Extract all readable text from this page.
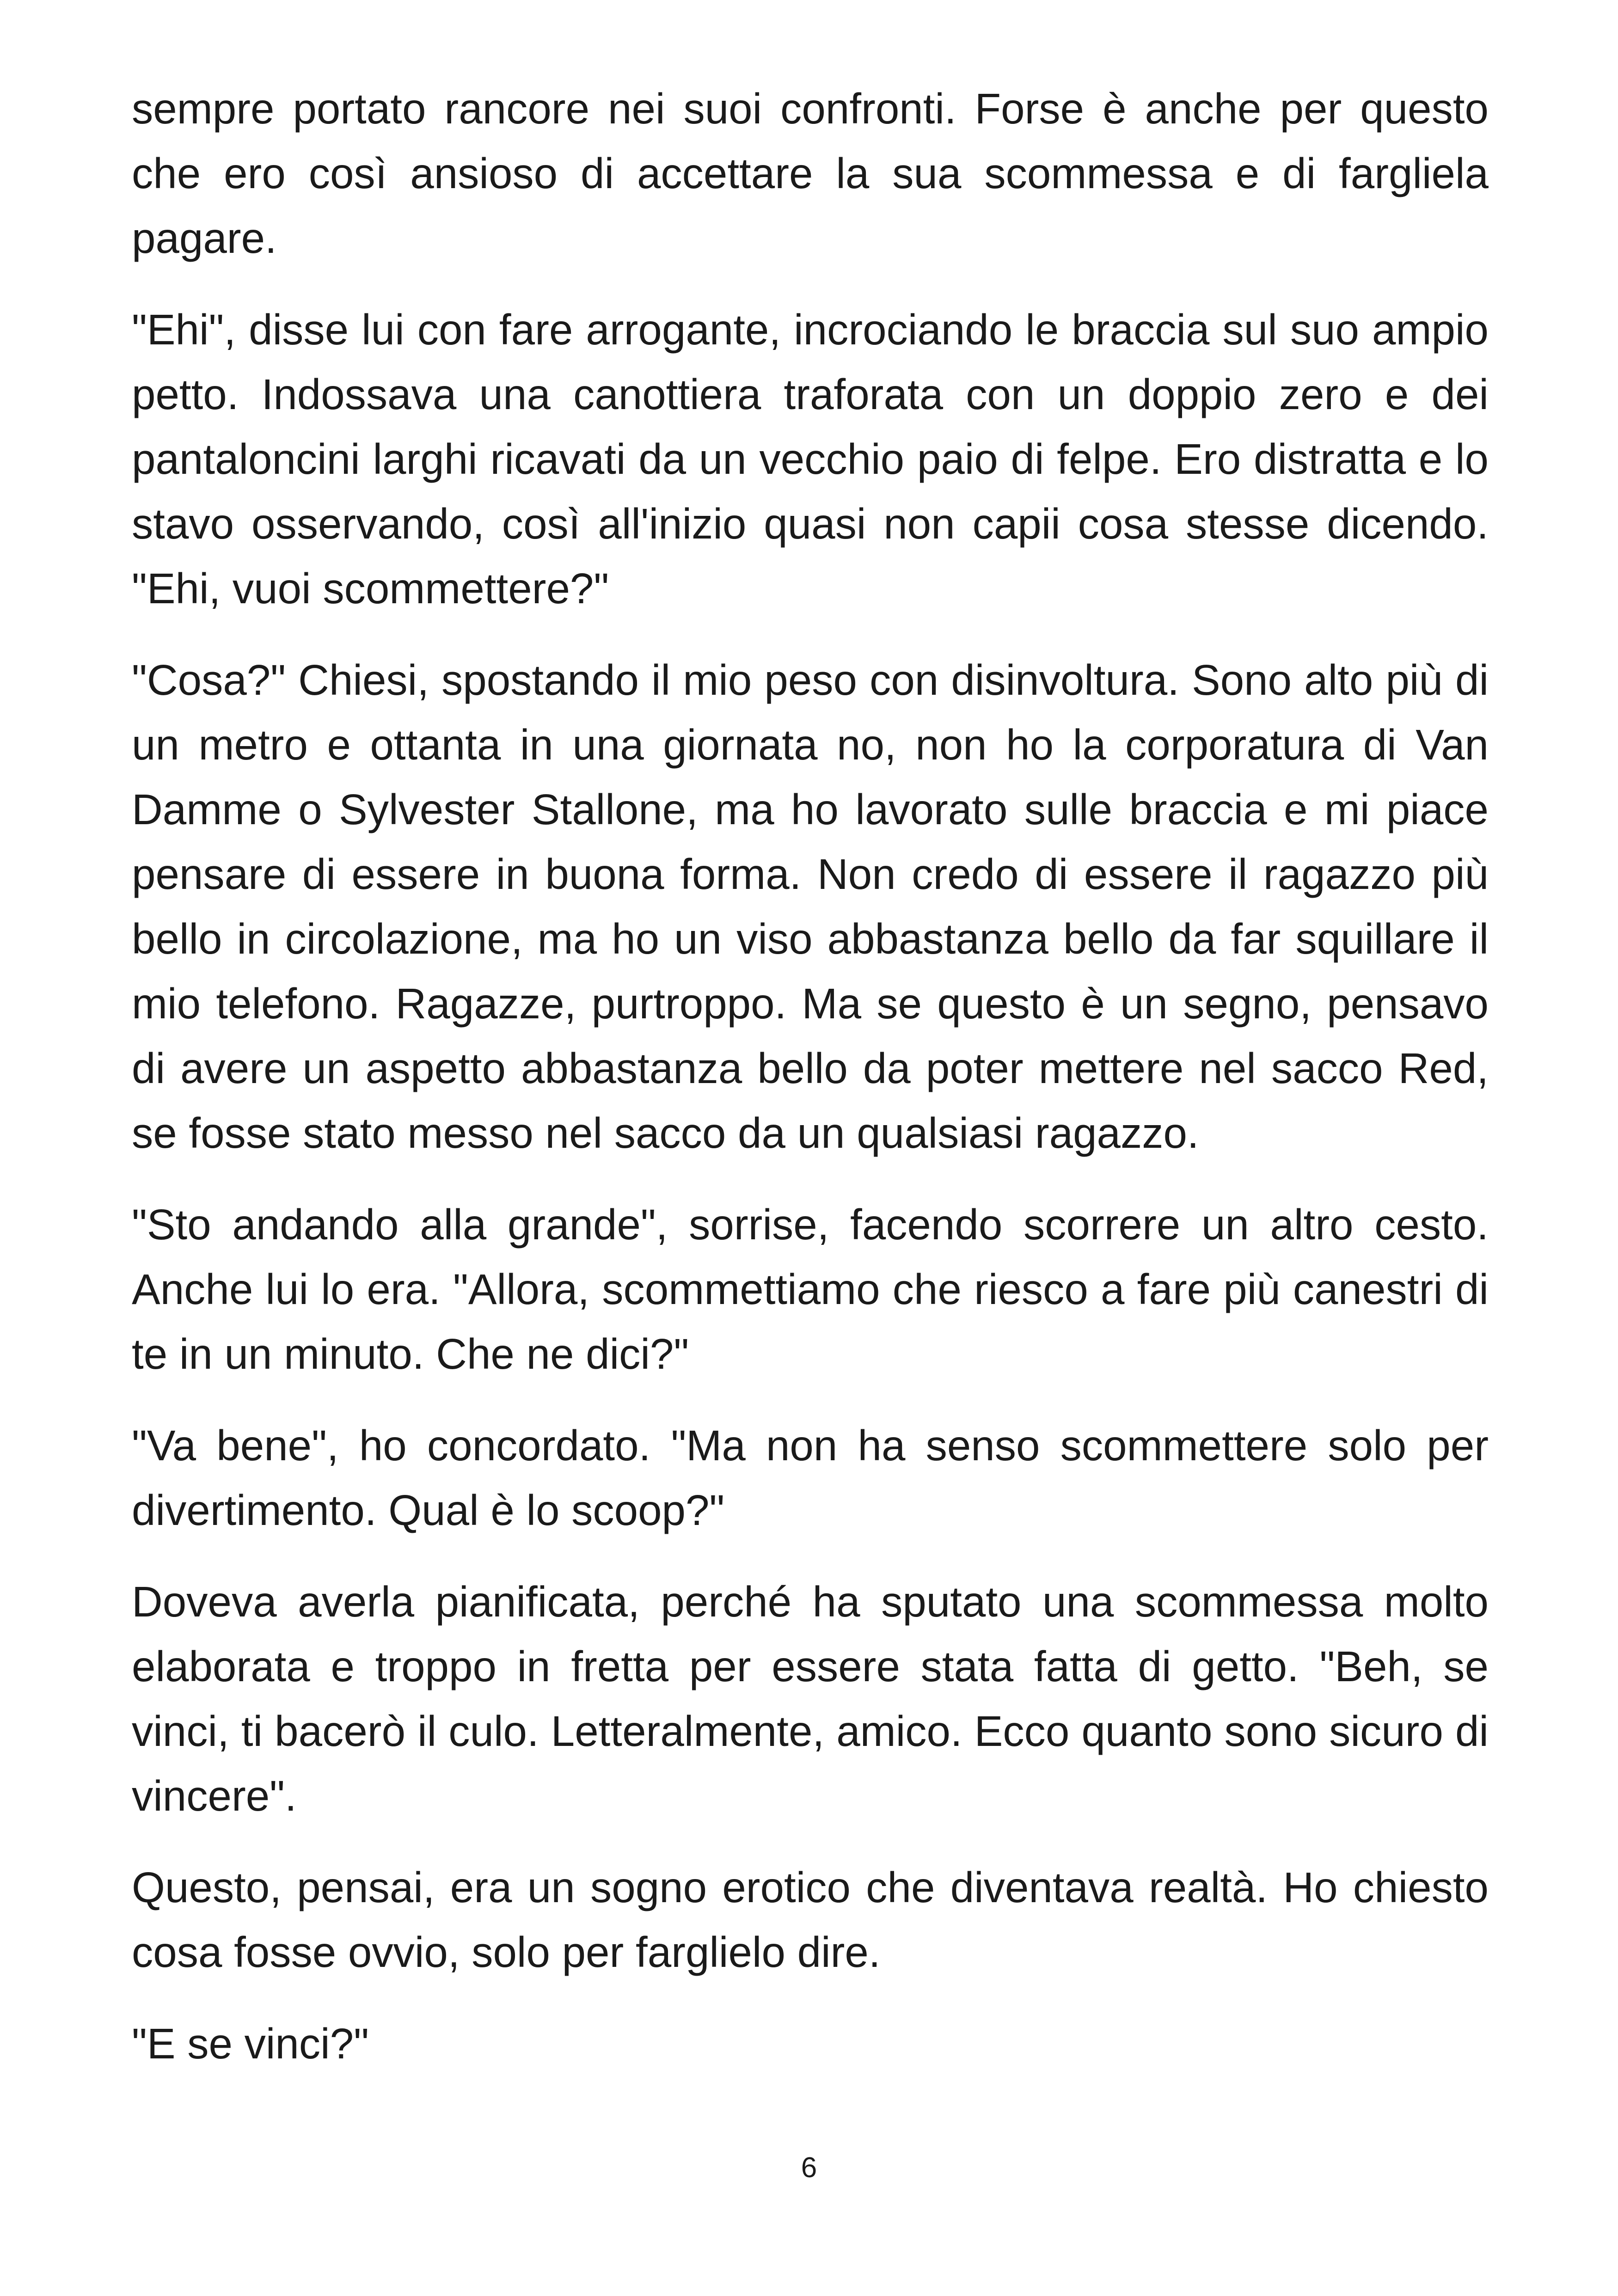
sempre portato rancore nei suoi confronti. Forse è anche per questo che ero così ansioso di accettare la sua scommessa e di fargliela pagare.

"Ehi", disse lui con fare arrogante, incrociando le braccia sul suo ampio petto. Indossava una canottiera traforata con un doppio zero e dei pantaloncini larghi ricavati da un vecchio paio di felpe. Ero distratta e lo stavo osservando, così all'inizio quasi non capii cosa stesse dicendo. "Ehi, vuoi scommettere?"

"Cosa?" Chiesi, spostando il mio peso con disinvoltura. Sono alto più di un metro e ottanta in una giornata no, non ho la corporatura di Van Damme o Sylvester Stallone, ma ho lavorato sulle braccia e mi piace pensare di essere in buona forma. Non credo di essere il ragazzo più bello in circolazione, ma ho un viso abbastanza bello da far squillare il mio telefono. Ragazze, purtroppo. Ma se questo è un segno, pensavo di avere un aspetto abbastanza bello da poter mettere nel sacco Red, se fosse stato messo nel sacco da un qualsiasi ragazzo.

"Sto andando alla grande", sorrise, facendo scorrere un altro cesto. Anche lui lo era. "Allora, scommettiamo che riesco a fare più canestri di te in un minuto. Che ne dici?"

"Va bene", ho concordato. "Ma non ha senso scommettere solo per divertimento. Qual è lo scoop?"

Doveva averla pianificata, perché ha sputato una scommessa molto elaborata e troppo in fretta per essere stata fatta di getto. "Beh, se vinci, ti bacerò il culo. Letteralmente, amico. Ecco quanto sono sicuro di vincere".

Questo, pensai, era un sogno erotico che diventava realtà. Ho chiesto cosa fosse ovvio, solo per farglielo dire.

"E se vinci?"

6
